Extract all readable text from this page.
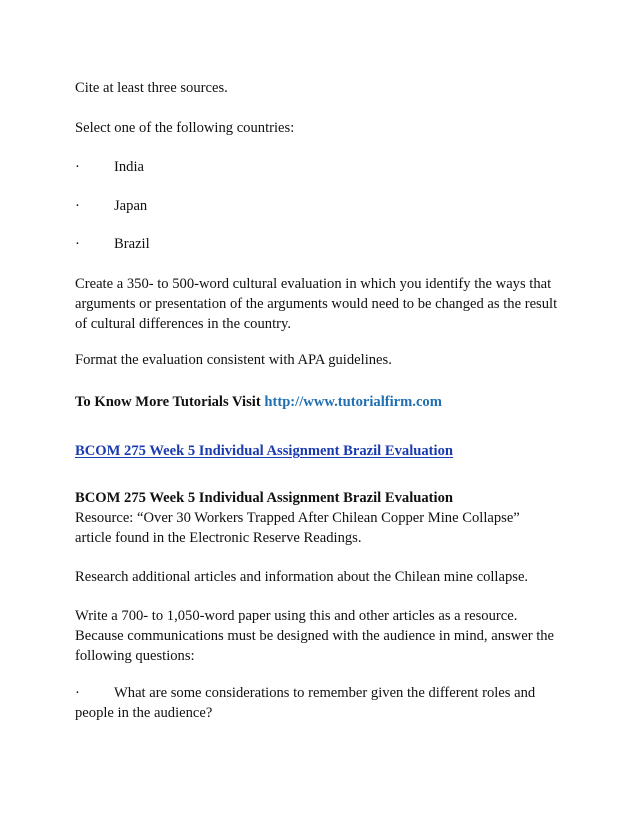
Cite at least three sources.

Select one of the following countries:

· India
· Japan
· Brazil
Create a 350- to 500-word cultural evaluation in which you identify the ways that
arguments or presentation of the arguments would need to be changed as the result
of cultural differences in the country.

Format the evaluation consistent with APA guidelines.

To Know More Tutorials Visit http://www.tutorialfirm.com

BCOM 275 Week 5 Individual Assignment Brazil Evaluation

BCOM 275 Week 5 Individual Assignment Brazil Evaluation
Resource: “Over 30 Workers Trapped After Chilean Copper Mine Collapse”
article found in the Electronic Reserve Readings.

Research additional articles and information about the Chilean mine collapse.

Write a 700- to 1,050-word paper using this and other articles as a resource.
Because communications must be designed with the audience in mind, answer the
following questions:
· What are some considerations to remember given the different roles and

people in the audience?
